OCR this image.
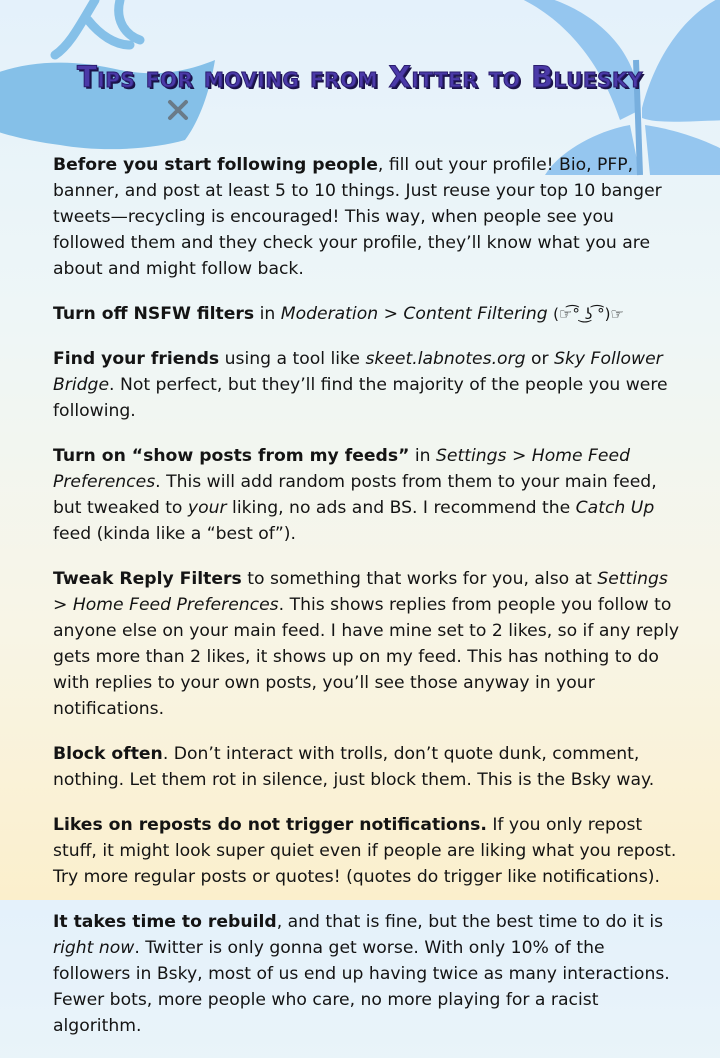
Tips for moving from Xitter to Bluesky

Before you start following people, fill out your profile! Bio, PFP, banner, and post at least 5 to 10 things. Just reuse your top 10 banger tweets—recycling is encouraged! This way, when people see you followed them and they check your profile, they’ll know what you are about and might follow back.

Turn off NSFW filters in Moderation > Content Filtering (☞͡° ͜ʖ ͡°)☞

Find your friends using a tool like skeet.labnotes.org or Sky Follower Bridge. Not perfect, but they’ll find the majority of the people you were following.

Turn on “show posts from my feeds” in Settings > Home Feed Preferences. This will add random posts from them to your main feed, but tweaked to your liking, no ads and BS. I recommend the Catch Up feed (kinda like a “best of”).

Tweak Reply Filters to something that works for you, also at Settings > Home Feed Preferences. This shows replies from people you follow to anyone else on your main feed. I have mine set to 2 likes, so if any reply gets more than 2 likes, it shows up on my feed. This has nothing to do with replies to your own posts, you’ll see those anyway in your notifications.

Block often. Don’t interact with trolls, don’t quote dunk, comment, nothing. Let them rot in silence, just block them. This is the Bsky way.

Likes on reposts do not trigger notifications. If you only repost stuff, it might look super quiet even if people are liking what you repost. Try more regular posts or quotes! (quotes do trigger like notifications).

It takes time to rebuild, and that is fine, but the best time to do it is right now. Twitter is only gonna get worse. With only 10% of the followers in Bsky, most of us end up having twice as many interactions. Fewer bots, more people who care, no more playing for a racist algorithm.
